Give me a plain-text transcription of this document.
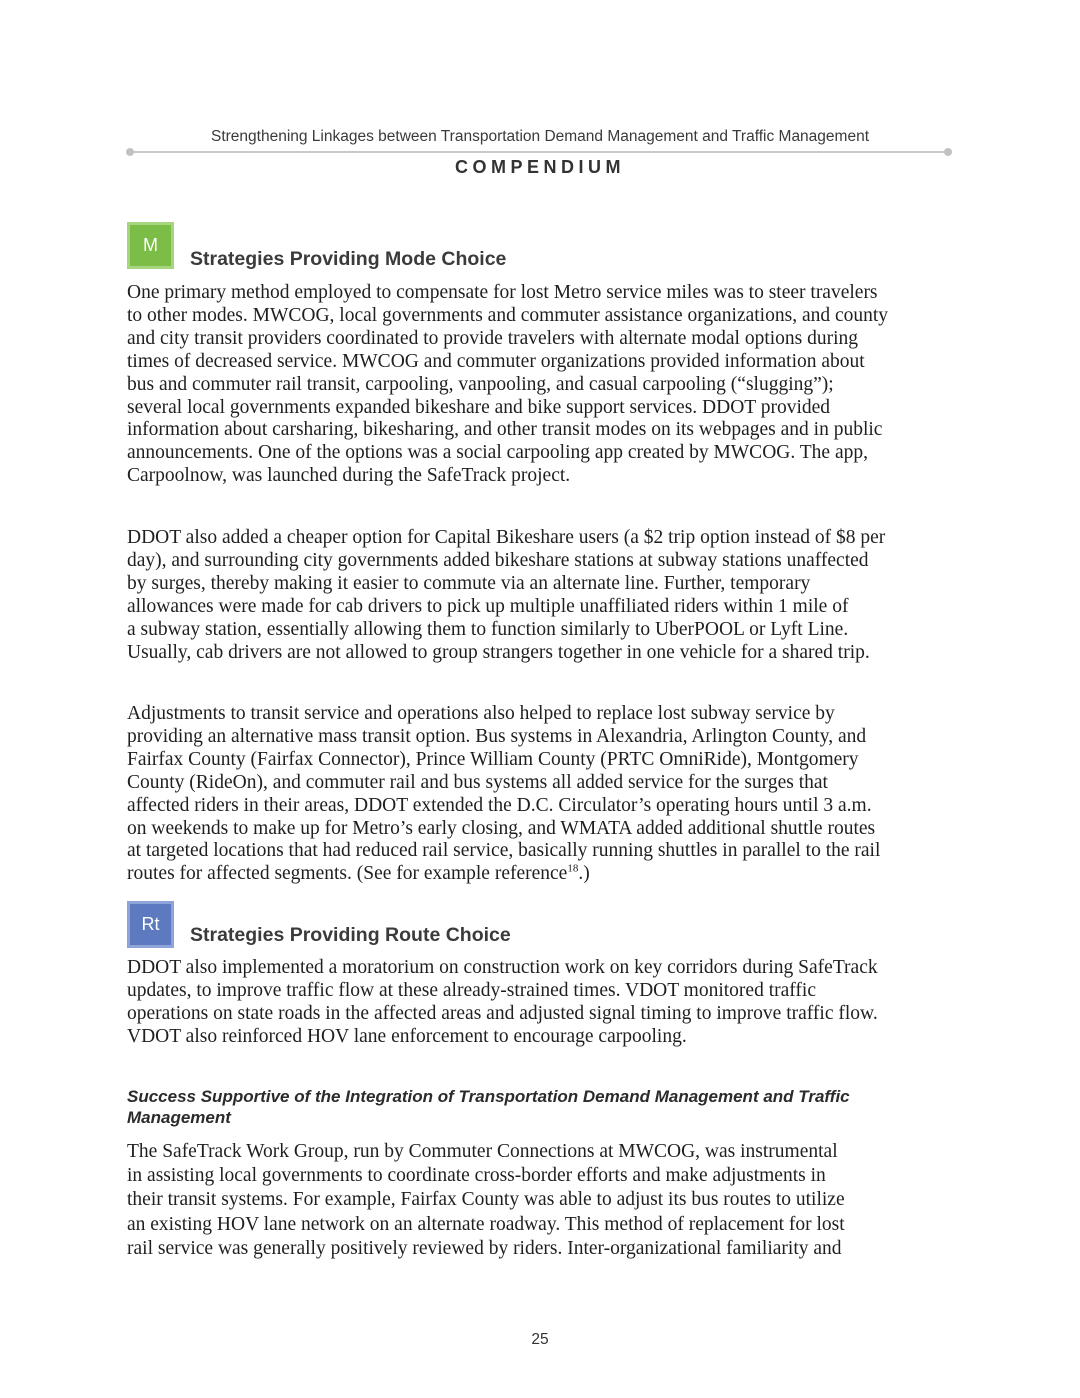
Strengthening Linkages between Transportation Demand Management and Traffic Management
COMPENDIUM
M
Strategies Providing Mode Choice
One primary method employed to compensate for lost Metro service miles was to steer travelers
to other modes. MWCOG, local governments and commuter assistance organizations, and county
and city transit providers coordinated to provide travelers with alternate modal options during
times of decreased service. MWCOG and commuter organizations provided information about
bus and commuter rail transit, carpooling, vanpooling, and casual carpooling (“slugging”);
several local governments expanded bikeshare and bike support services. DDOT provided
information about carsharing, bikesharing, and other transit modes on its webpages and in public
announcements. One of the options was a social carpooling app created by MWCOG. The app,
Carpoolnow, was launched during the SafeTrack project.
DDOT also added a cheaper option for Capital Bikeshare users (a $2 trip option instead of $8 per
day), and surrounding city governments added bikeshare stations at subway stations unaffected
by surges, thereby making it easier to commute via an alternate line. Further, temporary
allowances were made for cab drivers to pick up multiple unaffiliated riders within 1 mile of
a subway station, essentially allowing them to function similarly to UberPOOL or Lyft Line.
Usually, cab drivers are not allowed to group strangers together in one vehicle for a shared trip.
Adjustments to transit service and operations also helped to replace lost subway service by
providing an alternative mass transit option. Bus systems in Alexandria, Arlington County, and
Fairfax County (Fairfax Connector), Prince William County (PRTC OmniRide), Montgomery
County (RideOn), and commuter rail and bus systems all added service for the surges that
affected riders in their areas, DDOT extended the D.C. Circulator’s operating hours until 3 a.m.
on weekends to make up for Metro’s early closing, and WMATA added additional shuttle routes
at targeted locations that had reduced rail service, basically running shuttles in parallel to the rail
routes for affected segments. (See for example reference$^{18}$.)
Rt	Strategies Providing Route Choice
DDOT also implemented a moratorium on construction work on key corridors during SafeTrack
updates, to improve traffic flow at these already-strained times. VDOT monitored traffic
operations on state roads in the affected areas and adjusted signal timing to improve traffic flow.
VDOT also reinforced HOV lane enforcement to encourage carpooling.
Success Supportive of the Integration of Transportation Demand Management and Traffic
Management
The SafeTrack Work Group, run by Commuter Connections at MWCOG, was instrumental
in assisting local governments to coordinate cross-border efforts and make adjustments in
their transit systems. For example, Fairfax County was able to adjust its bus routes to utilize
an existing HOV lane network on an alternate roadway. This method of replacement for lost
rail service was generally positively reviewed by riders. Inter-organizational familiarity and
25
